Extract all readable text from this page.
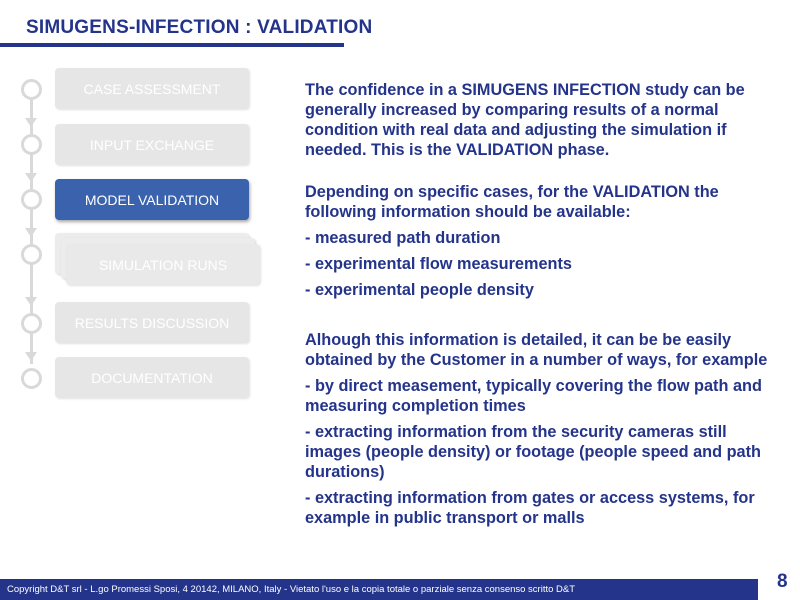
SIMUGENS-INFECTION : VALIDATION
CASE ASSESSMENT
INPUT EXCHANGE
MODEL VALIDATION
SIMULATION RUNS
RESULTS DISCUSSION
DOCUMENTATION

The confidence in a SIMUGENS INFECTION study can be generally increased by comparing results of a normal condition with real data and adjusting the simulation if needed. This is the VALIDATION phase.

Depending on specific cases, for the VALIDATION the following information should be available:

- measured path duration

- experimental flow measurements

- experimental people density

Alhough this information is detailed, it can be be easily obtained by the Customer in a number of ways, for example

- by direct measement, typically covering the flow path and measuring completion times

- extracting information from the security cameras still images (people density) or footage (people speed and path durations)

- extracting information from gates or access systems, for example in public transport or malls

Copyright D&T srl - L.go Promessi Sposi, 4 20142, MILANO, Italy - Vietato l'uso e la copia totale o parziale senza consenso scritto D&T	8
